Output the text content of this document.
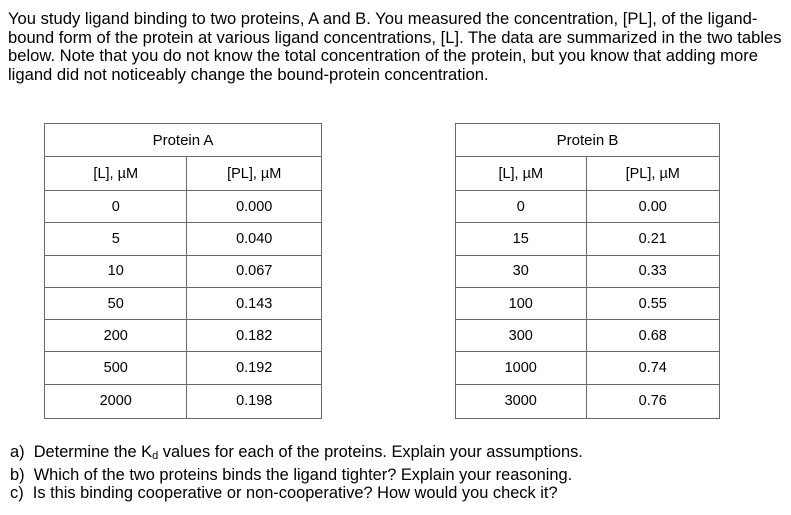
You study ligand binding to two proteins, A and B. You measured the concentration, [PL], of the ligand-bound form of the protein at various ligand concentrations, [L]. The data are summarized in the two tables below. Note that you do not know the total concentration of the protein, but you know that adding more ligand did not noticeably change the bound-protein concentration.

Protein A	
[L], µM	[PL], µM
0	0.000
5	0.040
10	0.067
50	0.143
200	0.182
500	0.192
2000	0.198
Protein B	
[L], µM	[PL], µM
0	0.00
15	0.21
30	0.33
100	0.55
300	0.68
1000	0.74
3000	0.76
a) Determine the Kd values for each of the proteins. Explain your assumptions.
b) Which of the two proteins binds the ligand tighter? Explain your reasoning.
c) Is this binding cooperative or non-cooperative? How would you check it?
